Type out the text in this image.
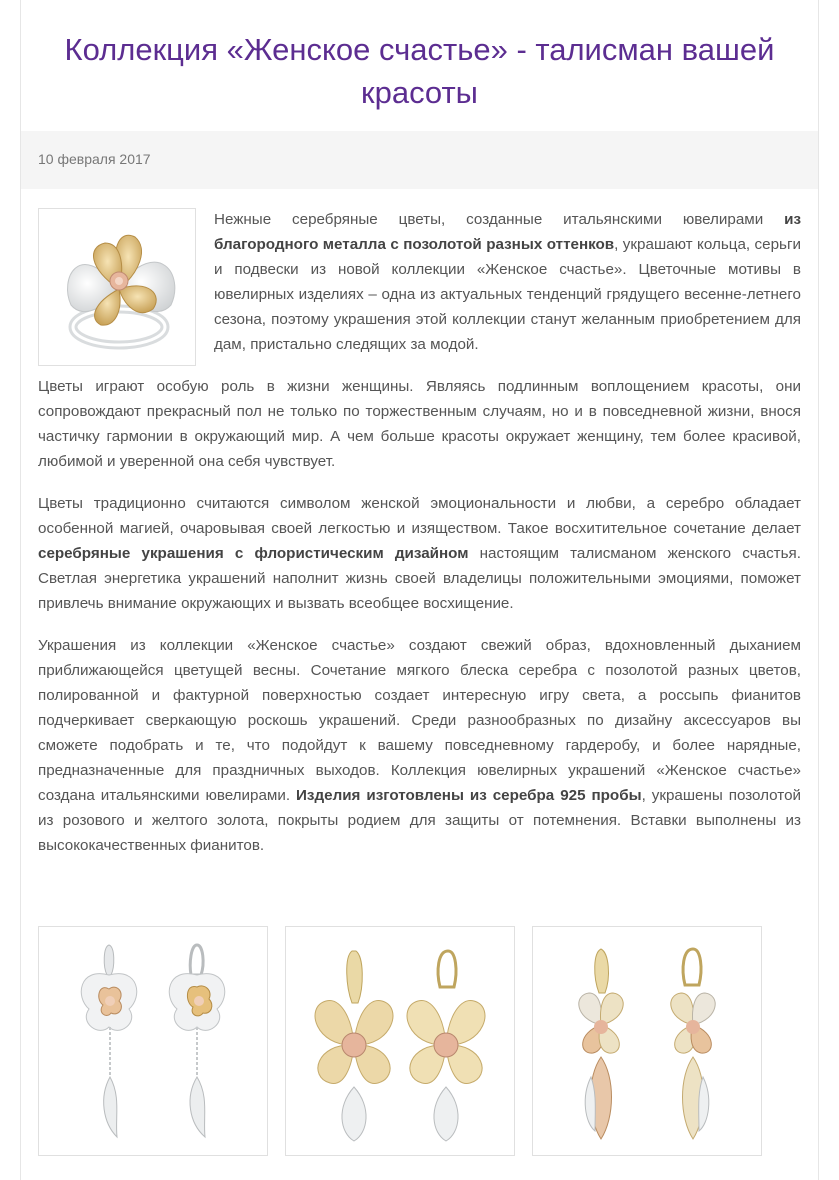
Коллекция «Женское счастье» - талисман вашей красоты
10 февраля 2017

Нежные серебряные цветы, созданные итальянскими ювелирами из благородного металла с позолотой разных оттенков, украшают кольца, серьги и подвески из новой коллекции «Женское счастье». Цветочные мотивы в ювелирных изделиях – одна из актуальных тенденций грядущего весенне-летнего сезона, поэтому украшения этой коллекции станут желанным приобретением для дам, пристально следящих за модой.

Цветы играют особую роль в жизни женщины. Являясь подлинным воплощением красоты, они сопровождают прекрасный пол не только по торжественным случаям, но и в повседневной жизни, внося частичку гармонии в окружающий мир. А чем больше красоты окружает женщину, тем более красивой, любимой и уверенной она себя чувствует.

Цветы традиционно считаются символом женской эмоциональности и любви, а серебро обладает особенной магией, очаровывая своей легкостью и изяществом. Такое восхитительное сочетание делает серебряные украшения с флористическим дизайном настоящим талисманом женского счастья. Светлая энергетика украшений наполнит жизнь своей владелицы положительными эмоциями, поможет привлечь внимание окружающих и вызвать всеобщее восхищение.

Украшения из коллекции «Женское счастье» создают свежий образ, вдохновленный дыханием приближающейся цветущей весны. Сочетание мягкого блеска серебра с позолотой разных цветов, полированной и фактурной поверхностью создает интересную игру света, а россыпь фианитов подчеркивает сверкающую роскошь украшений. Среди разнообразных по дизайну аксессуаров вы сможете подобрать и те, что подойдут к вашему повседневному гардеробу, и более нарядные, предназначенные для праздничных выходов. Коллекция ювелирных украшений «Женское счастье» создана итальянскими ювелирами. Изделия изготовлены из серебра 925 пробы, украшены позолотой из розового и желтого золота, покрыты родием для защиты от потемнения. Вставки выполнены из высококачественных фианитов.
